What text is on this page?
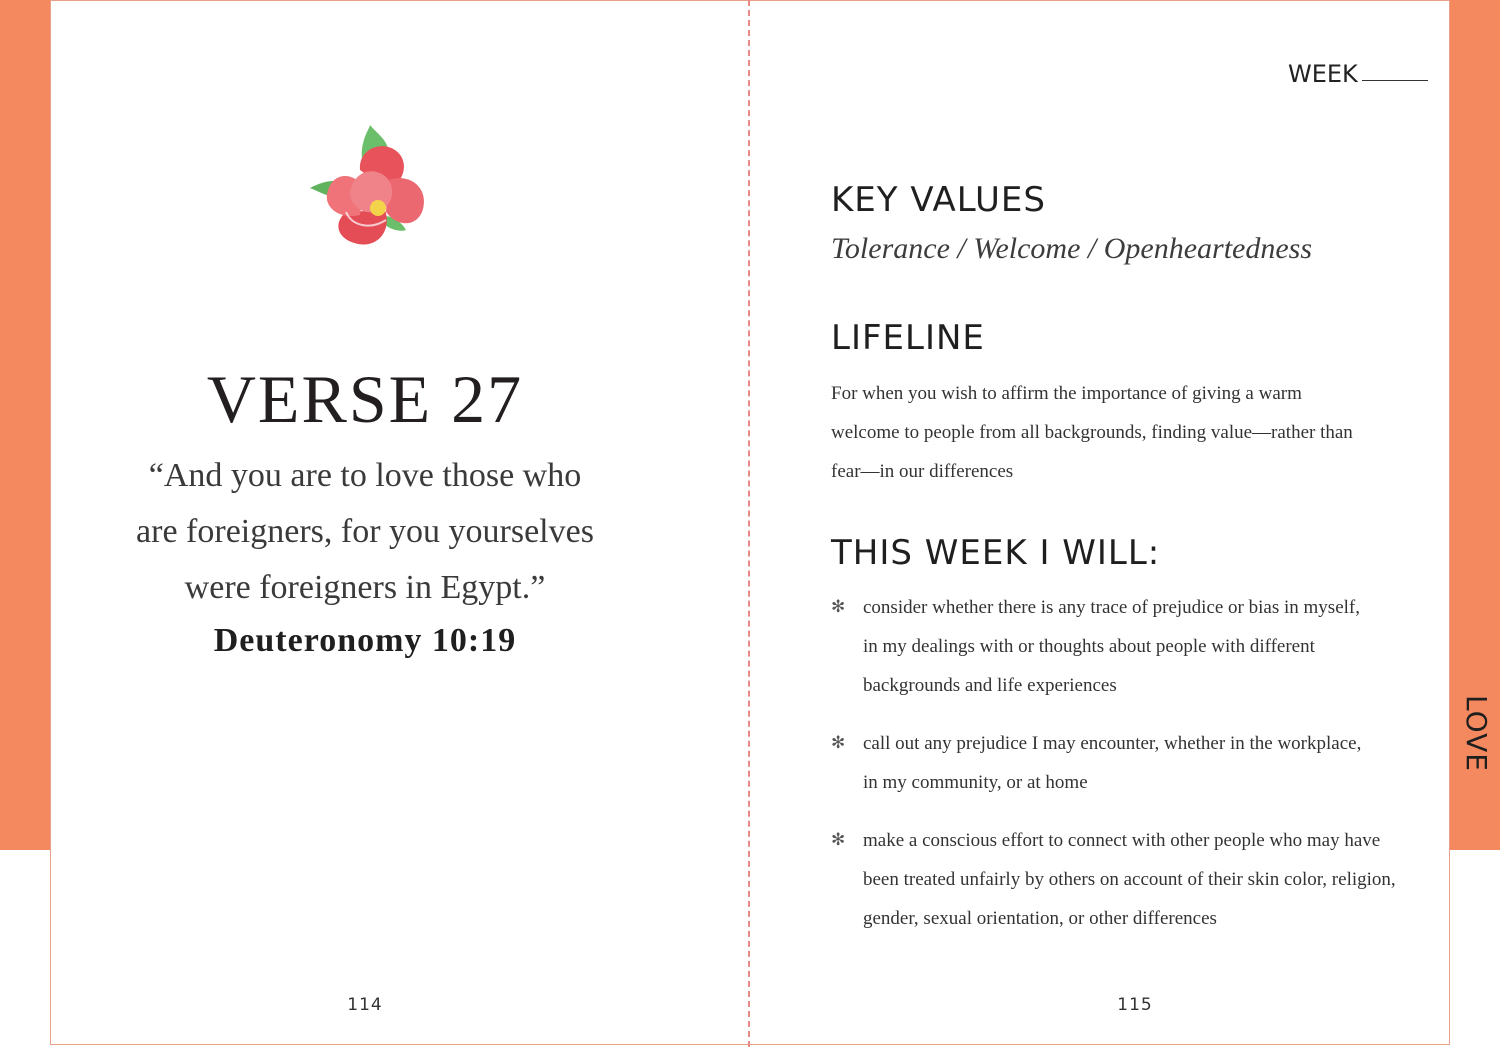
VERSE 27

“And you are to love those who
are foreigners, for you yourselves
were foreigners in Egypt.”

Deuteronomy 10:19
114
WEEK
KEY VALUES
Tolerance / Welcome / Openheartedness
LIFELINE

For when you wish to affirm the importance of giving a warm
welcome to people from all backgrounds, finding value—rather than
fear—in our differences

THIS WEEK I WILL:
✻ consider whether there is any trace of prejudice or bias in myself,
in my dealings with or thoughts about people with different
backgrounds and life experiences
✻ call out any prejudice I may encounter, whether in the workplace,
in my community, or at home
✻ make a conscious effort to connect with other people who may have
been treated unfairly by others on account of their skin color, religion,
gender, sexual orientation, or other differences
LOVE
115
